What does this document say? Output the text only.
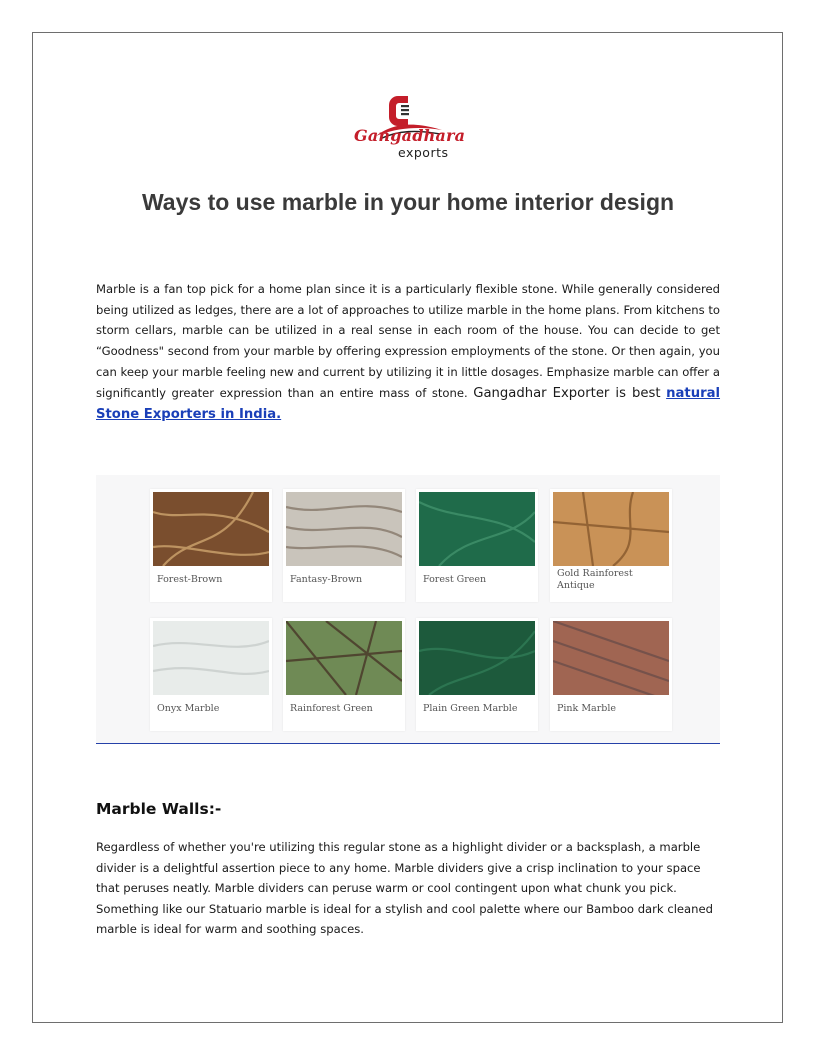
Gangadhara
exports
Ways to use marble in your home interior design

Marble is a fan top pick for a home plan since it is a particularly flexible stone. While generally considered being utilized as ledges, there are a lot of approaches to utilize marble in the home plans. From kitchens to storm cellars, marble can be utilized in a real sense in each room of the house. You can decide to get “Goodness" second from your marble by offering expression employments of the stone. Or then again, you can keep your marble feeling new and current by utilizing it in little dosages. Emphasize marble can offer a significantly greater expression than an entire mass of stone. Gangadhar Exporter is best natural Stone Exporters in India.

Forest-Brown	Fantasy-Brown	Forest Green
Gold Rainforest Antique
Onyx Marble	Rainforest Green	Plain Green Marble	Pink Marble
Marble Walls:-

Regardless of whether you're utilizing this regular stone as a highlight divider or a backsplash, a marble divider is a delightful assertion piece to any home. Marble dividers give a crisp inclination to your space that peruses neatly. Marble dividers can peruse warm or cool contingent upon what chunk you pick. Something like our Statuario marble is ideal for a stylish and cool palette where our Bamboo dark cleaned marble is ideal for warm and soothing spaces.
